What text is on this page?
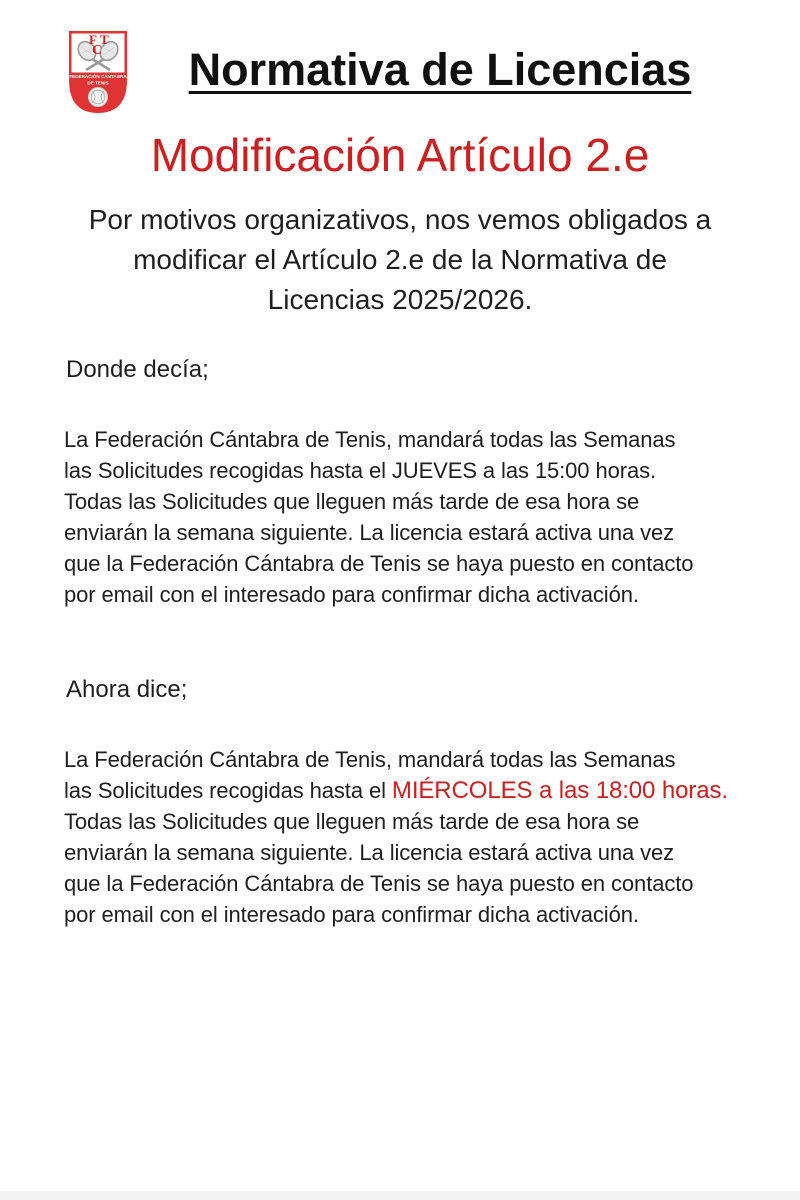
F T
C
FEDERACIÓN CÁNTABRA
DE TENIS	Normativa de Licencias
Modificación Artículo 2.e
Por motivos organizativos, nos vemos obligados a
modificar el Artículo 2.e de la Normativa de
Licencias 2025/2026.
Donde decía;
La Federación Cántabra de Tenis, mandará todas las Semanas
las Solicitudes recogidas hasta el JUEVES a las 15:00 horas.
Todas las Solicitudes que lleguen más tarde de esa hora se
enviarán la semana siguiente. La licencia estará activa una vez
que la Federación Cántabra de Tenis se haya puesto en contacto
por email con el interesado para confirmar dicha activación.
Ahora dice;
La Federación Cántabra de Tenis, mandará todas las Semanas
las Solicitudes recogidas hasta el MIÉRCOLES a las 18:00 horas.
Todas las Solicitudes que lleguen más tarde de esa hora se
enviarán la semana siguiente. La licencia estará activa una vez
que la Federación Cántabra de Tenis se haya puesto en contacto
por email con el interesado para confirmar dicha activación.
